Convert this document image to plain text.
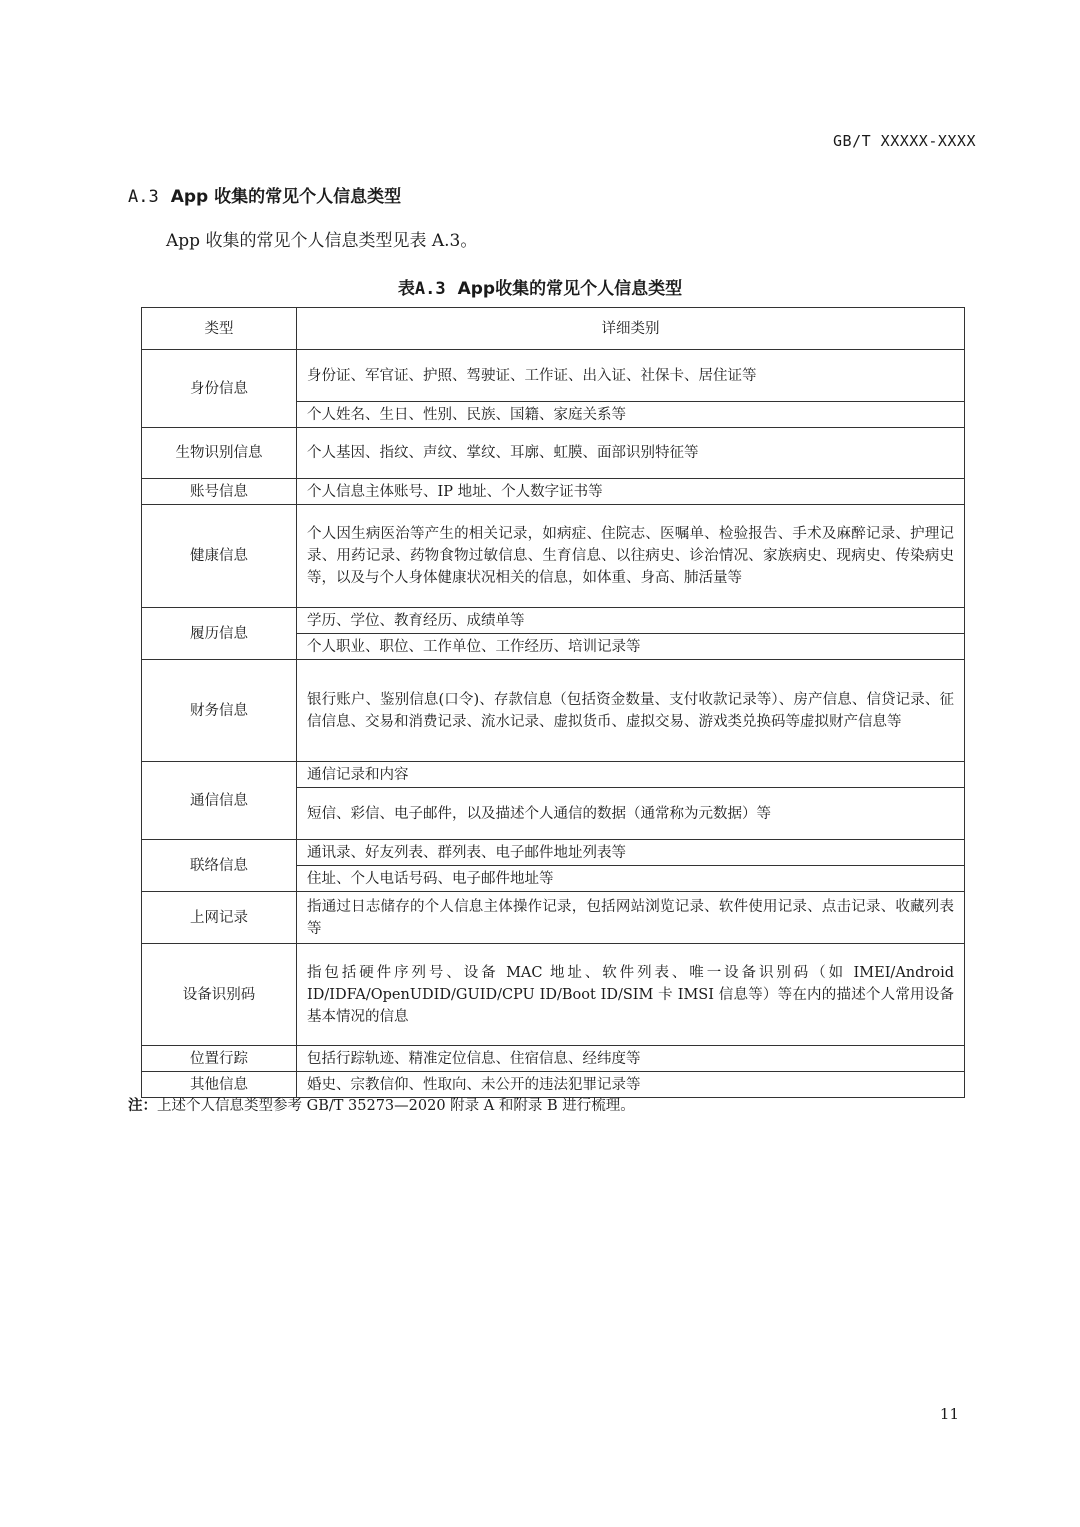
GB/T XXXXX-XXXX
A.3 App 收集的常见个人信息类型
App 收集的常见个人信息类型见表 A.3。
表A.3 App收集的常见个人信息类型
类型	详细类别
身份信息	身份证、军官证、护照、驾驶证、工作证、出入证、社保卡、居住证等
	个人姓名、生日、性别、民族、国籍、家庭关系等
生物识别信息	个人基因、指纹、声纹、掌纹、耳廓、虹膜、面部识别特征等
账号信息	个人信息主体账号、IP 地址、个人数字证书等
健康信息	个人因生病医治等产生的相关记录，如病症、住院志、医嘱单、检验报告、手术及麻醉记录、护理记录、用药记录、药物食物过敏信息、生育信息、以往病史、诊治情况、家族病史、现病史、传染病史等，以及与个人身体健康状况相关的信息，如体重、身高、肺活量等
履历信息	学历、学位、教育经历、成绩单等
	个人职业、职位、工作单位、工作经历、培训记录等
财务信息	银行账户、鉴别信息(口令)、存款信息（包括资金数量、支付收款记录等）、房产信息、信贷记录、征信信息、交易和消费记录、流水记录、虚拟货币、虚拟交易、游戏类兑换码等虚拟财产信息等
通信信息	通信记录和内容
	短信、彩信、电子邮件，以及描述个人通信的数据（通常称为元数据）等
联络信息	通讯录、好友列表、群列表、电子邮件地址列表等
	住址、个人电话号码、电子邮件地址等
上网记录	指通过日志储存的个人信息主体操作记录，包括网站浏览记录、软件使用记录、点击记录、收藏列表等
设备识别码	指包括硬件序列号、设备 MAC 地址、软件列表、唯一设备识别码（如 IMEI/Android ID/IDFA/OpenUDID/GUID/CPU ID/Boot ID/SIM 卡 IMSI 信息等）等在内的描述个人常用设备基本情况的信息
位置行踪	包括行踪轨迹、精准定位信息、住宿信息、经纬度等
其他信息	婚史、宗教信仰、性取向、未公开的违法犯罪记录等
注：上述个人信息类型参考 GB/T 35273—2020 附录 A 和附录 B 进行梳理。
11
